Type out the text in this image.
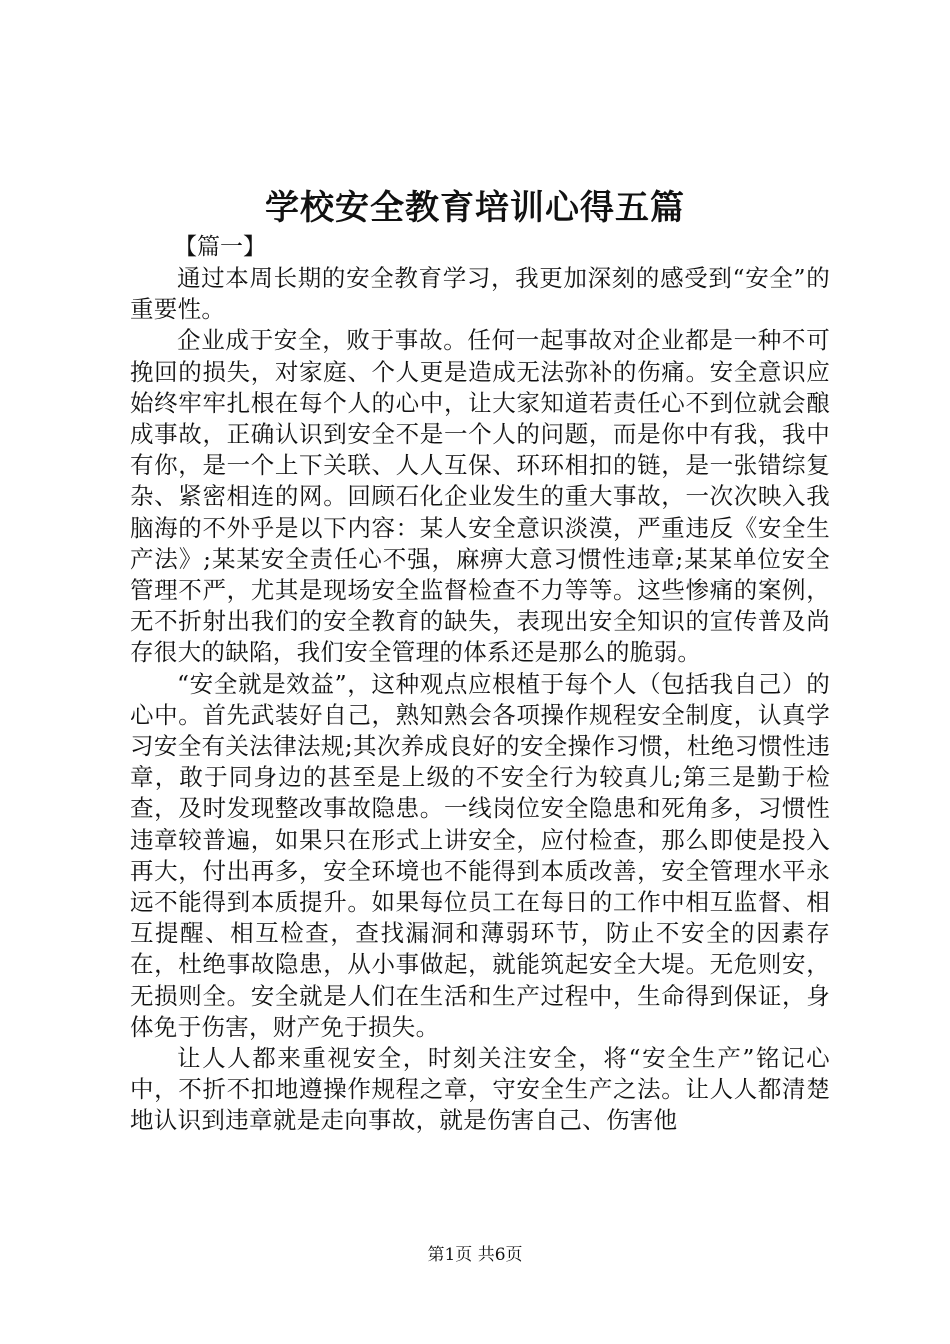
学校安全教育培训心得五篇

【篇一】

通过本周长期的安全教育学习，我更加深刻的感受到“安全”的重要性。

企业成于安全，败于事故。任何一起事故对企业都是一种不可挽回的损失，对家庭、个人更是造成无法弥补的伤痛。安全意识应始终牢牢扎根在每个人的心中，让大家知道若责任心不到位就会酿成事故，正确认识到安全不是一个人的问题，而是你中有我，我中有你，是一个上下关联、人人互保、环环相扣的链，是一张错综复杂、紧密相连的网。回顾石化企业发生的重大事故，一次次映入我脑海的不外乎是以下内容：某人安全意识淡漠，严重违反《安全生产法》;某某安全责任心不强，麻痹大意习惯性违章;某某单位安全管理不严，尤其是现场安全监督检查不力等等。这些惨痛的案例，无不折射出我们的安全教育的缺失，表现出安全知识的宣传普及尚存很大的缺陷，我们安全管理的体系还是那么的脆弱。

“安全就是效益”，这种观点应根植于每个人（包括我自己）的心中。首先武装好自己，熟知熟会各项操作规程安全制度，认真学习安全有关法律法规;其次养成良好的安全操作习惯，杜绝习惯性违章，敢于同身边的甚至是上级的不安全行为较真儿;第三是勤于检查，及时发现整改事故隐患。一线岗位安全隐患和死角多，习惯性违章较普遍，如果只在形式上讲安全，应付检查，那么即使是投入再大，付出再多，安全环境也不能得到本质改善，安全管理水平永远不能得到本质提升。如果每位员工在每日的工作中相互监督、相互提醒、相互检查，查找漏洞和薄弱环节，防止不安全的因素存在，杜绝事故隐患，从小事做起，就能筑起安全大堤。无危则安，无损则全。安全就是人们在生活和生产过程中，生命得到保证，身体免于伤害，财产免于损失。

让人人都来重视安全，时刻关注安全，将“安全生产”铭记心中，不折不扣地遵操作规程之章，守安全生产之法。让人人都清楚地认识到违章就是走向事故，就是伤害自己、伤害他

第1页 共6页
